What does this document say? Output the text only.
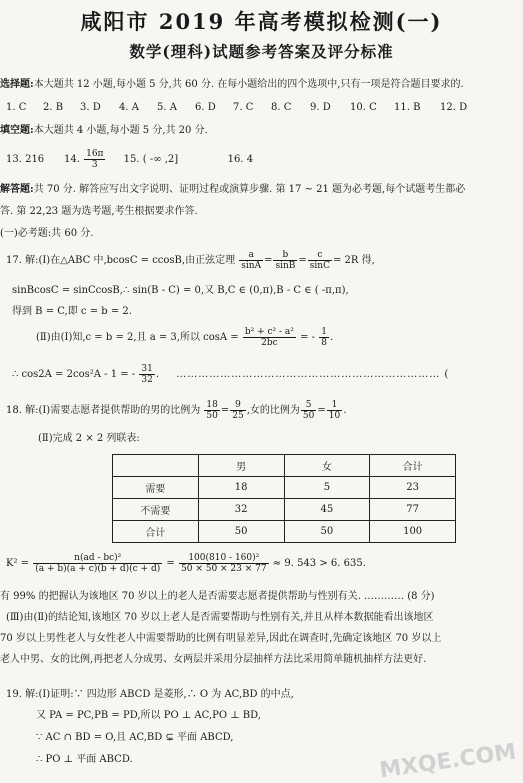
咸阳市 2019 年高考模拟检测(一)
数学(理科)试题参考答案及评分标准
选择题:本大题共 12 小题,每小题 5 分,共 60 分. 在每小题给出的四个选项中,只有一项是符合题目要求的.
1. C 2. B 3. D 4. A 5. A 6. D 7. C 8. C 9. D 10. C 11. B 12. D
填空题:本大题共 4 小题,每小题 5 分,共 20 分.
13. 216 14. $\frac{16\pi}{3} 15$. ( -∞ ,2]	16. 4
解答题:共 70 分. 解答应写出文字说明、证明过程或演算步骤. 第 17 ~ 21 题为必考题,每个试题考生都必
答. 第 22,23 题为选考题,考生根据要求作答.
(一)必考题:共 60 分.
17. 解:(Ⅰ)在△ABC 中,bcosC = ccosB,由正弦定理 $\frac{a}{\sin A} = \frac{b}{\sin B} = \frac{c}{\sin C} = 2R$ 得,
sinBcosC = sinCcosB,∴ sin(B - C) = 0,又 B,C ∈ (0,π),B - C ∈ ( -π,π),
得到 B = C,即 c = b = 2.
(Ⅱ)由(Ⅰ)知,c = b = 2,且 a = 3,所以 $\cos A = \frac{\text{b² + c² - a²}}{2bc}$ = - $\frac{1}{8}$ .
∴ cos2A = 2cos²A - 1 = - $\frac{31}{32}$ . ……………………………………………………………… (
18. 解:(Ⅰ)需要志愿者提供帮助的男的比例为 $\frac{18}{50} = \frac{9}{25}$ ,女的比例为 $\frac{5}{50} = \frac{1}{10}$ .
(Ⅱ)完成 2 × 2 列联表:
	男	女	合计
需要	18	5	23
不需要	32	45	77
合计	50	50	100
$K^2 = \frac{\text{n(ad - bc)²}}{(a + b)(a + c)(b + d)(c + d)} = \frac{\text{100(810 - 160)²}}{50 \times 50 \times 23 \times 77} \approx 9$. 543 > 6. 635.
有 99% 的把握认为该地区 70 岁以上的老人是否需要志愿者提供帮助与性别有关. ………… (8 分)
(Ⅲ)由(Ⅱ)的结论知,该地区 70 岁以上老人是否需要帮助与性别有关,并且从样本数据能看出该地区
70 岁以上男性老人与女性老人中需要帮助的比例有明显差异,因此在调查时,先确定该地区 70 岁以上
老人中男、女的比例,再把老人分成男、女两层并采用分层抽样方法比采用简单随机抽样方法更好.
19. 解:(Ⅰ)证明:∵ 四边形 ABCD 是菱形,∴ O 为 AC,BD 的中点,
又 PA = PC,PB = PD,所以 PO ⊥ AC,PO ⊥ BD,
∵ AC ∩ BD = O,且 AC,BD ⊊ 平面 ABCD,
∴ PO ⊥ 平面 ABCD.	MXQE.COM
